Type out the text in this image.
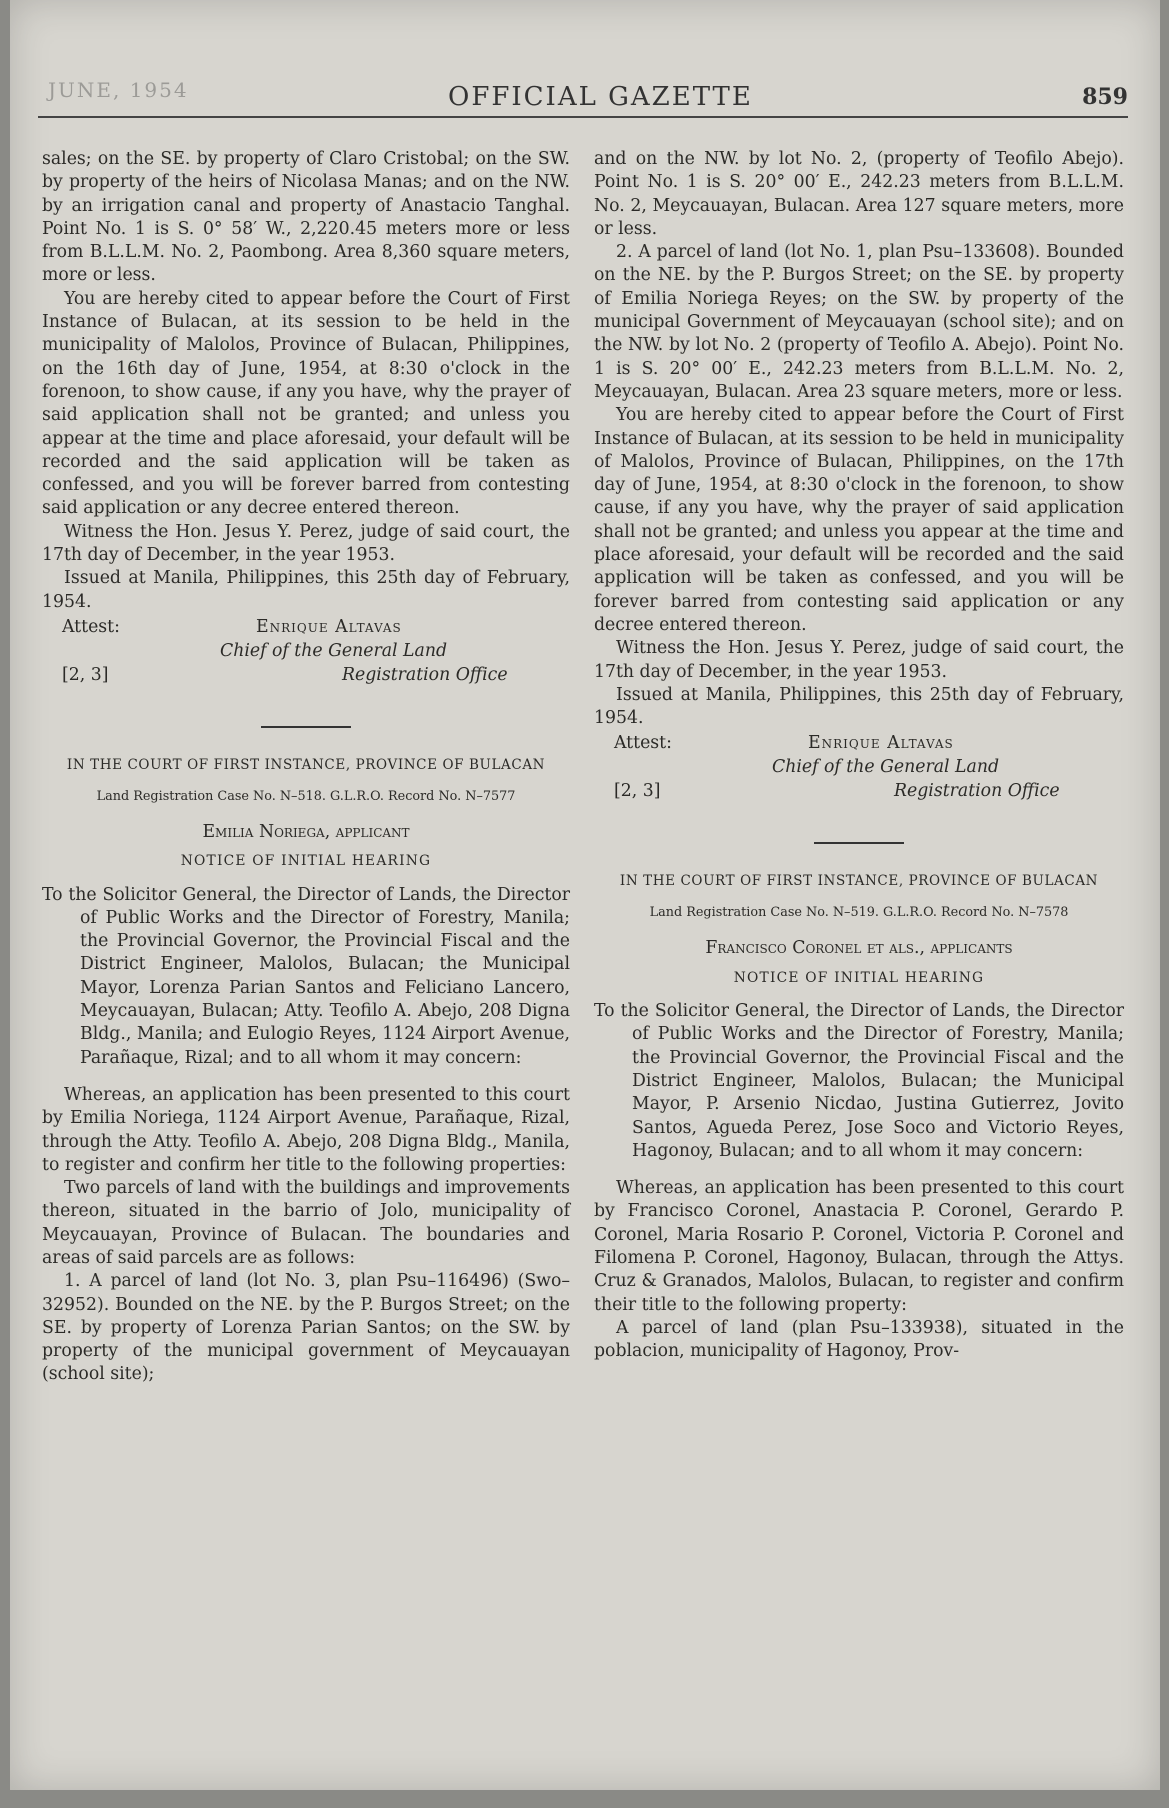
JUNE, 1954	OFFICIAL GAZETTE	859

sales; on the SE. by property of Claro Cristobal; on the SW. by property of the heirs of Nicolasa Manas; and on the NW. by an irrigation canal and property of Anastacio Tanghal. Point No. 1 is S. 0° 58′ W., 2,220.45 meters more or less from B.L.L.M. No. 2, Paombong. Area 8,360 square meters, more or less.

You are hereby cited to appear before the Court of First Instance of Bulacan, at its session to be held in the municipality of Malolos, Province of Bulacan, Philippines, on the 16th day of June, 1954, at 8:30 o'clock in the forenoon, to show cause, if any you have, why the prayer of said application shall not be granted; and unless you appear at the time and place aforesaid, your default will be recorded and the said application will be taken as confessed, and you will be forever barred from contesting said application or any decree entered thereon.

Witness the Hon. Jesus Y. Perez, judge of said court, the 17th day of December, in the year 1953.

Issued at Manila, Philippines, this 25th day of February, 1954.

Attest:	Enrique Altavas
Chief of the General Land
[2, 3]	Registration Office
IN THE COURT OF FIRST INSTANCE, PROVINCE OF BULACAN
Land Registration Case No. N–518. G.L.R.O. Record No. N–7577
Emilia Noriega, applicant
NOTICE OF INITIAL HEARING

To the Solicitor General, the Director of Lands, the Director of Public Works and the Director of Forestry, Manila; the Provincial Governor, the Provincial Fiscal and the District Engineer, Malolos, Bulacan; the Municipal Mayor, Lorenza Parian Santos and Feliciano Lancero, Meycauayan, Bulacan; Atty. Teofilo A. Abejo, 208 Digna Bldg., Manila; and Eulogio Reyes, 1124 Airport Avenue, Parañaque, Rizal; and to all whom it may concern:

Whereas, an application has been presented to this court by Emilia Noriega, 1124 Airport Avenue, Parañaque, Rizal, through the Atty. Teofilo A. Abejo, 208 Digna Bldg., Manila, to register and confirm her title to the following properties:

Two parcels of land with the buildings and improvements thereon, situated in the barrio of Jolo, municipality of Meycauayan, Province of Bulacan. The boundaries and areas of said parcels are as follows:

1. A parcel of land (lot No. 3, plan Psu–116496) (Swo–32952). Bounded on the NE. by the P. Burgos Street; on the SE. by property of Lorenza Parian Santos; on the SW. by property of the municipal government of Meycauayan (school site);

and on the NW. by lot No. 2, (property of Teofilo Abejo). Point No. 1 is S. 20° 00′ E., 242.23 meters from B.L.L.M. No. 2, Meycauayan, Bulacan. Area 127 square meters, more or less.

2. A parcel of land (lot No. 1, plan Psu–133608). Bounded on the NE. by the P. Burgos Street; on the SE. by property of Emilia Noriega Reyes; on the SW. by property of the municipal Government of Meycauayan (school site); and on the NW. by lot No. 2 (property of Teofilo A. Abejo). Point No. 1 is S. 20° 00′ E., 242.23 meters from B.L.L.M. No. 2, Meycauayan, Bulacan. Area 23 square meters, more or less.

You are hereby cited to appear before the Court of First Instance of Bulacan, at its session to be held in municipality of Malolos, Province of Bulacan, Philippines, on the 17th day of June, 1954, at 8:30 o'clock in the forenoon, to show cause, if any you have, why the prayer of said application shall not be granted; and unless you appear at the time and place aforesaid, your default will be recorded and the said application will be taken as confessed, and you will be forever barred from contesting said application or any decree entered thereon.

Witness the Hon. Jesus Y. Perez, judge of said court, the 17th day of December, in the year 1953.

Issued at Manila, Philippines, this 25th day of February, 1954.

Attest:	Enrique Altavas
Chief of the General Land
[2, 3]	Registration Office
IN THE COURT OF FIRST INSTANCE, PROVINCE OF BULACAN
Land Registration Case No. N–519. G.L.R.O. Record No. N–7578
Francisco Coronel et als., applicants
NOTICE OF INITIAL HEARING

To the Solicitor General, the Director of Lands, the Director of Public Works and the Director of Forestry, Manila; the Provincial Governor, the Provincial Fiscal and the District Engineer, Malolos, Bulacan; the Municipal Mayor, P. Arsenio Nicdao, Justina Gutierrez, Jovito Santos, Agueda Perez, Jose Soco and Victorio Reyes, Hagonoy, Bulacan; and to all whom it may concern:

Whereas, an application has been presented to this court by Francisco Coronel, Anastacia P. Coronel, Gerardo P. Coronel, Maria Rosario P. Coronel, Victoria P. Coronel and Filomena P. Coronel, Hagonoy, Bulacan, through the Attys. Cruz & Granados, Malolos, Bulacan, to register and confirm their title to the following property:

A parcel of land (plan Psu–133938), situated in the poblacion, municipality of Hagonoy, Prov-
